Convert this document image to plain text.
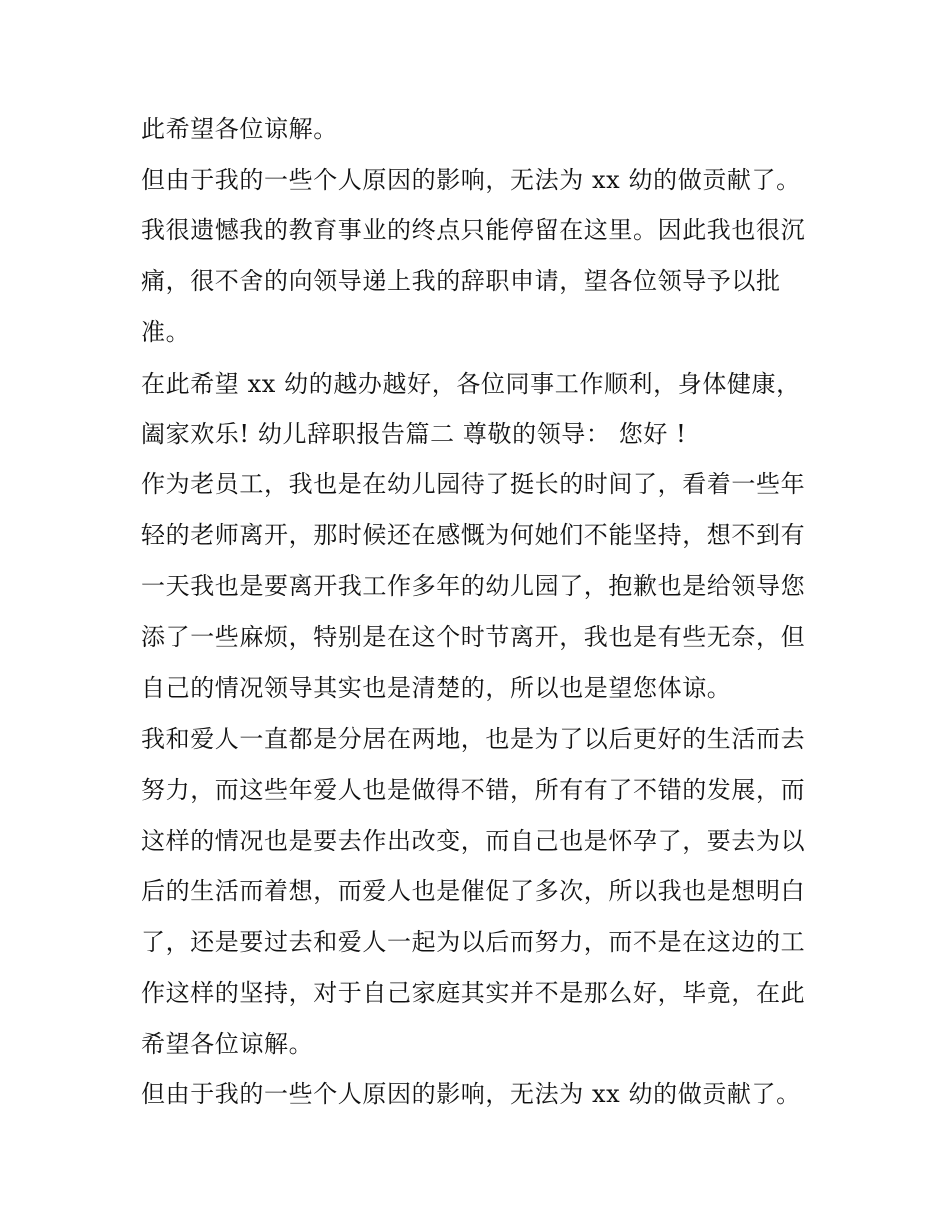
此希望各位谅解。
但由于我的一些个人原因的影响，无法为 xx 幼的做贡献了。
我很遗憾我的教育事业的终点只能停留在这里。因此我也很沉
痛，很不舍的向领导递上我的辞职申请，望各位领导予以批
准。
在此希望 xx 幼的越办越好，各位同事工作顺利，身体健康，
阖家欢乐! 幼儿辞职报告篇二 尊敬的领导： 您好 !
作为老员工，我也是在幼儿园待了挺长的时间了，看着一些年
轻的老师离开，那时候还在感慨为何她们不能坚持，想不到有
一天我也是要离开我工作多年的幼儿园了，抱歉也是给领导您
添了一些麻烦，特别是在这个时节离开，我也是有些无奈，但
自己的情况领导其实也是清楚的，所以也是望您体谅。
我和爱人一直都是分居在两地，也是为了以后更好的生活而去
努力，而这些年爱人也是做得不错，所有有了不错的发展，而
这样的情况也是要去作出改变，而自己也是怀孕了，要去为以
后的生活而着想，而爱人也是催促了多次，所以我也是想明白
了，还是要过去和爱人一起为以后而努力，而不是在这边的工
作这样的坚持，对于自己家庭其实并不是那么好，毕竟，在此
希望各位谅解。
但由于我的一些个人原因的影响，无法为 xx 幼的做贡献了。
